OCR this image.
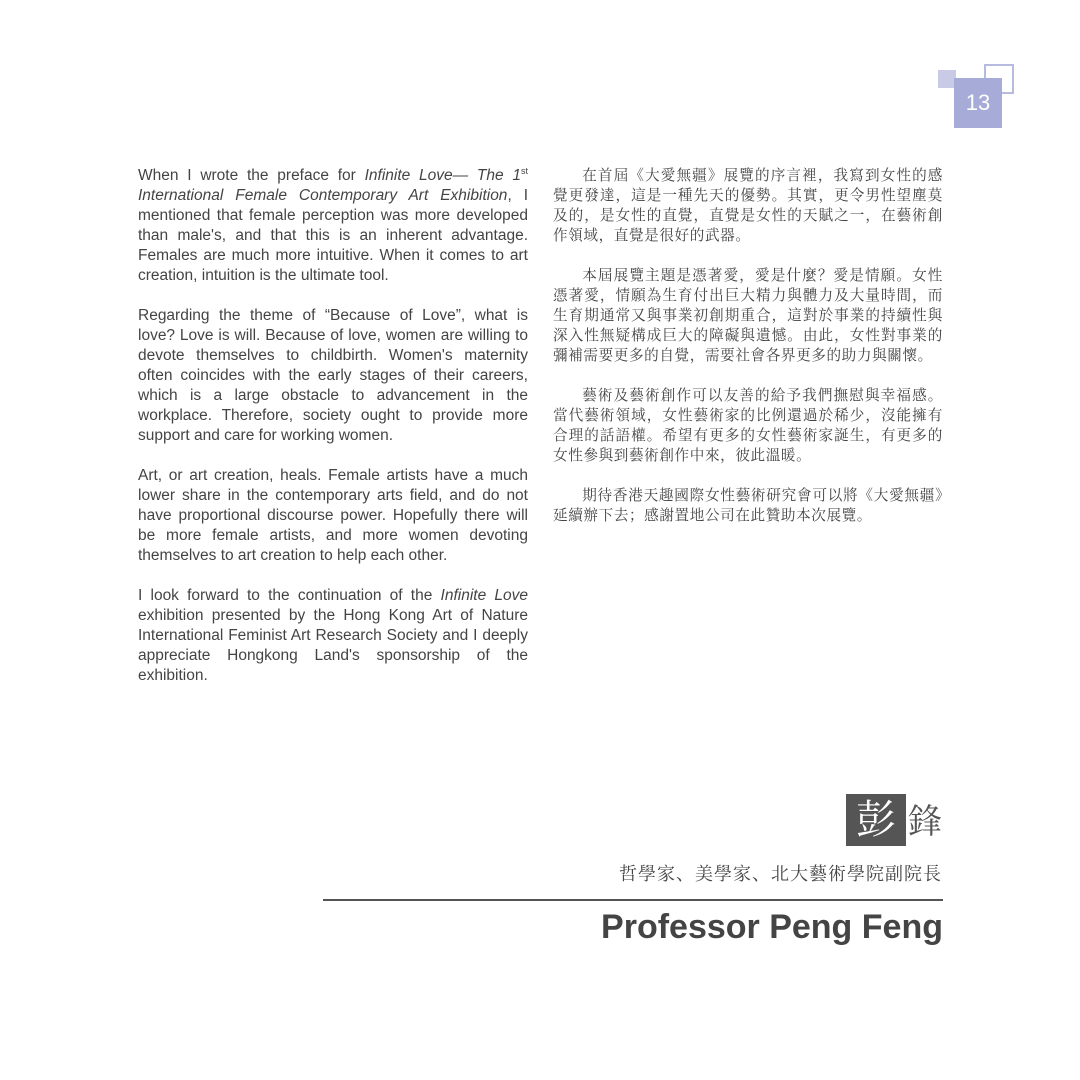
13

When I wrote the preface for Infinite Love— The 1st International Female Contemporary Art Exhibition, I mentioned that female perception was more developed than male's, and that this is an inherent advantage. Females are much more intuitive. When it comes to art creation, intuition is the ultimate tool.

Regarding the theme of “Because of Love”, what is love? Love is will. Because of love, women are willing to devote themselves to childbirth. Women's maternity often coincides with the early stages of their careers, which is a large obstacle to advancement in the workplace. Therefore, society ought to provide more support and care for working women.

Art, or art creation, heals. Female artists have a much lower share in the contemporary arts field, and do not have proportional discourse power. Hopefully there will be more female artists, and more women devoting themselves to art creation to help each other.

I look forward to the continuation of the Infinite Love exhibition presented by the Hong Kong Art of Nature International Feminist Art Research Society and I deeply appreciate Hongkong Land's sponsorship of the exhibition.

在首屆《大愛無疆》展覽的序言裡，我寫到女性的感覺更發達，這是一種先天的優勢。其實，更令男性望塵莫及的，是女性的直覺，直覺是女性的天賦之一，在藝術創作領域，直覺是很好的武器。

本屆展覽主題是憑著愛，愛是什麼？愛是情願。女性憑著愛，情願為生育付出巨大精力與體力及大量時間，而生育期通常又與事業初創期重合，這對於事業的持續性與深入性無疑構成巨大的障礙與遺憾。由此，女性對事業的彌補需要更多的自覺，需要社會各界更多的助力與關懷。

藝術及藝術創作可以友善的給予我們撫慰與幸福感。當代藝術領域，女性藝術家的比例還過於稀少，沒能擁有合理的話語權。希望有更多的女性藝術家誕生，有更多的女性參與到藝術創作中來，彼此溫暖。

期待香港天趣國際女性藝術研究會可以將《大愛無疆》延續辦下去；感謝置地公司在此贊助本次展覽。

彭 鋒
哲學家、美學家、北大藝術學院副院長
Professor Peng Feng
